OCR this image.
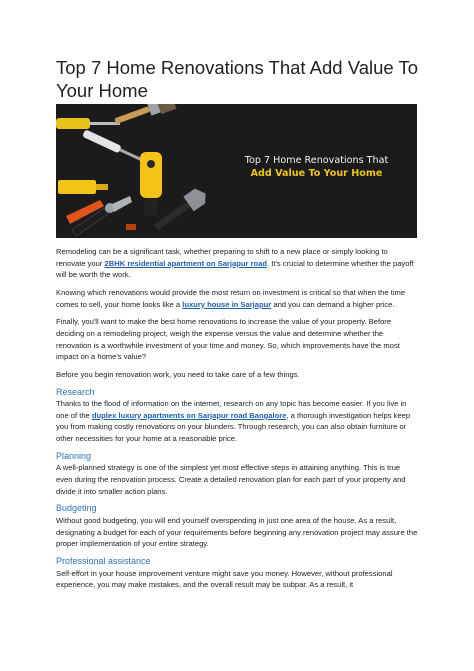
Top 7 Home Renovations That Add Value To Your Home
Top 7 Home Renovations That
Add Value To Your Home

Remodeling can be a significant task, whether preparing to shift to a new place or simply looking to renovate your 2BHK residential apartment on Sarjapur road. It's crucial to determine whether the payoff will be worth the work.

Knowing which renovations would provide the most return on investment is critical so that when the time comes to sell, your home looks like a luxury house in Sarjapur and you can demand a higher price.

Finally, you'll want to make the best home renovations to increase the value of your property. Before deciding on a remodeling project, weigh the expense versus the value and determine whether the renovation is a worthwhile investment of your time and money. So, which improvements have the most impact on a home's value?

Before you begin renovation work, you need to take care of a few things.

Research

Thanks to the flood of information on the internet, research on any topic has become easier. If you live in one of the duplex luxury apartments on Sarjapur road Bangalore, a thorough investigation helps keep you from making costly renovations on your blunders. Through research, you can also obtain furniture or other necessities for your home at a reasonable price.

Planning

A well-planned strategy is one of the simplest yet most effective steps in attaining anything. This is true even during the renovation process. Create a detailed renovation plan for each part of your property and divide it into smaller action plans.

Budgeting

Without good budgeting, you will end yourself overspending in just one area of the house. As a result, designating a budget for each of your requirements before beginning any renovation project may assure the proper implementation of your entire strategy.

Professional assistance

Self-effort in your house improvement venture might save you money. However, without professional experience, you may make mistakes, and the overall result may be subpar. As a result, it
